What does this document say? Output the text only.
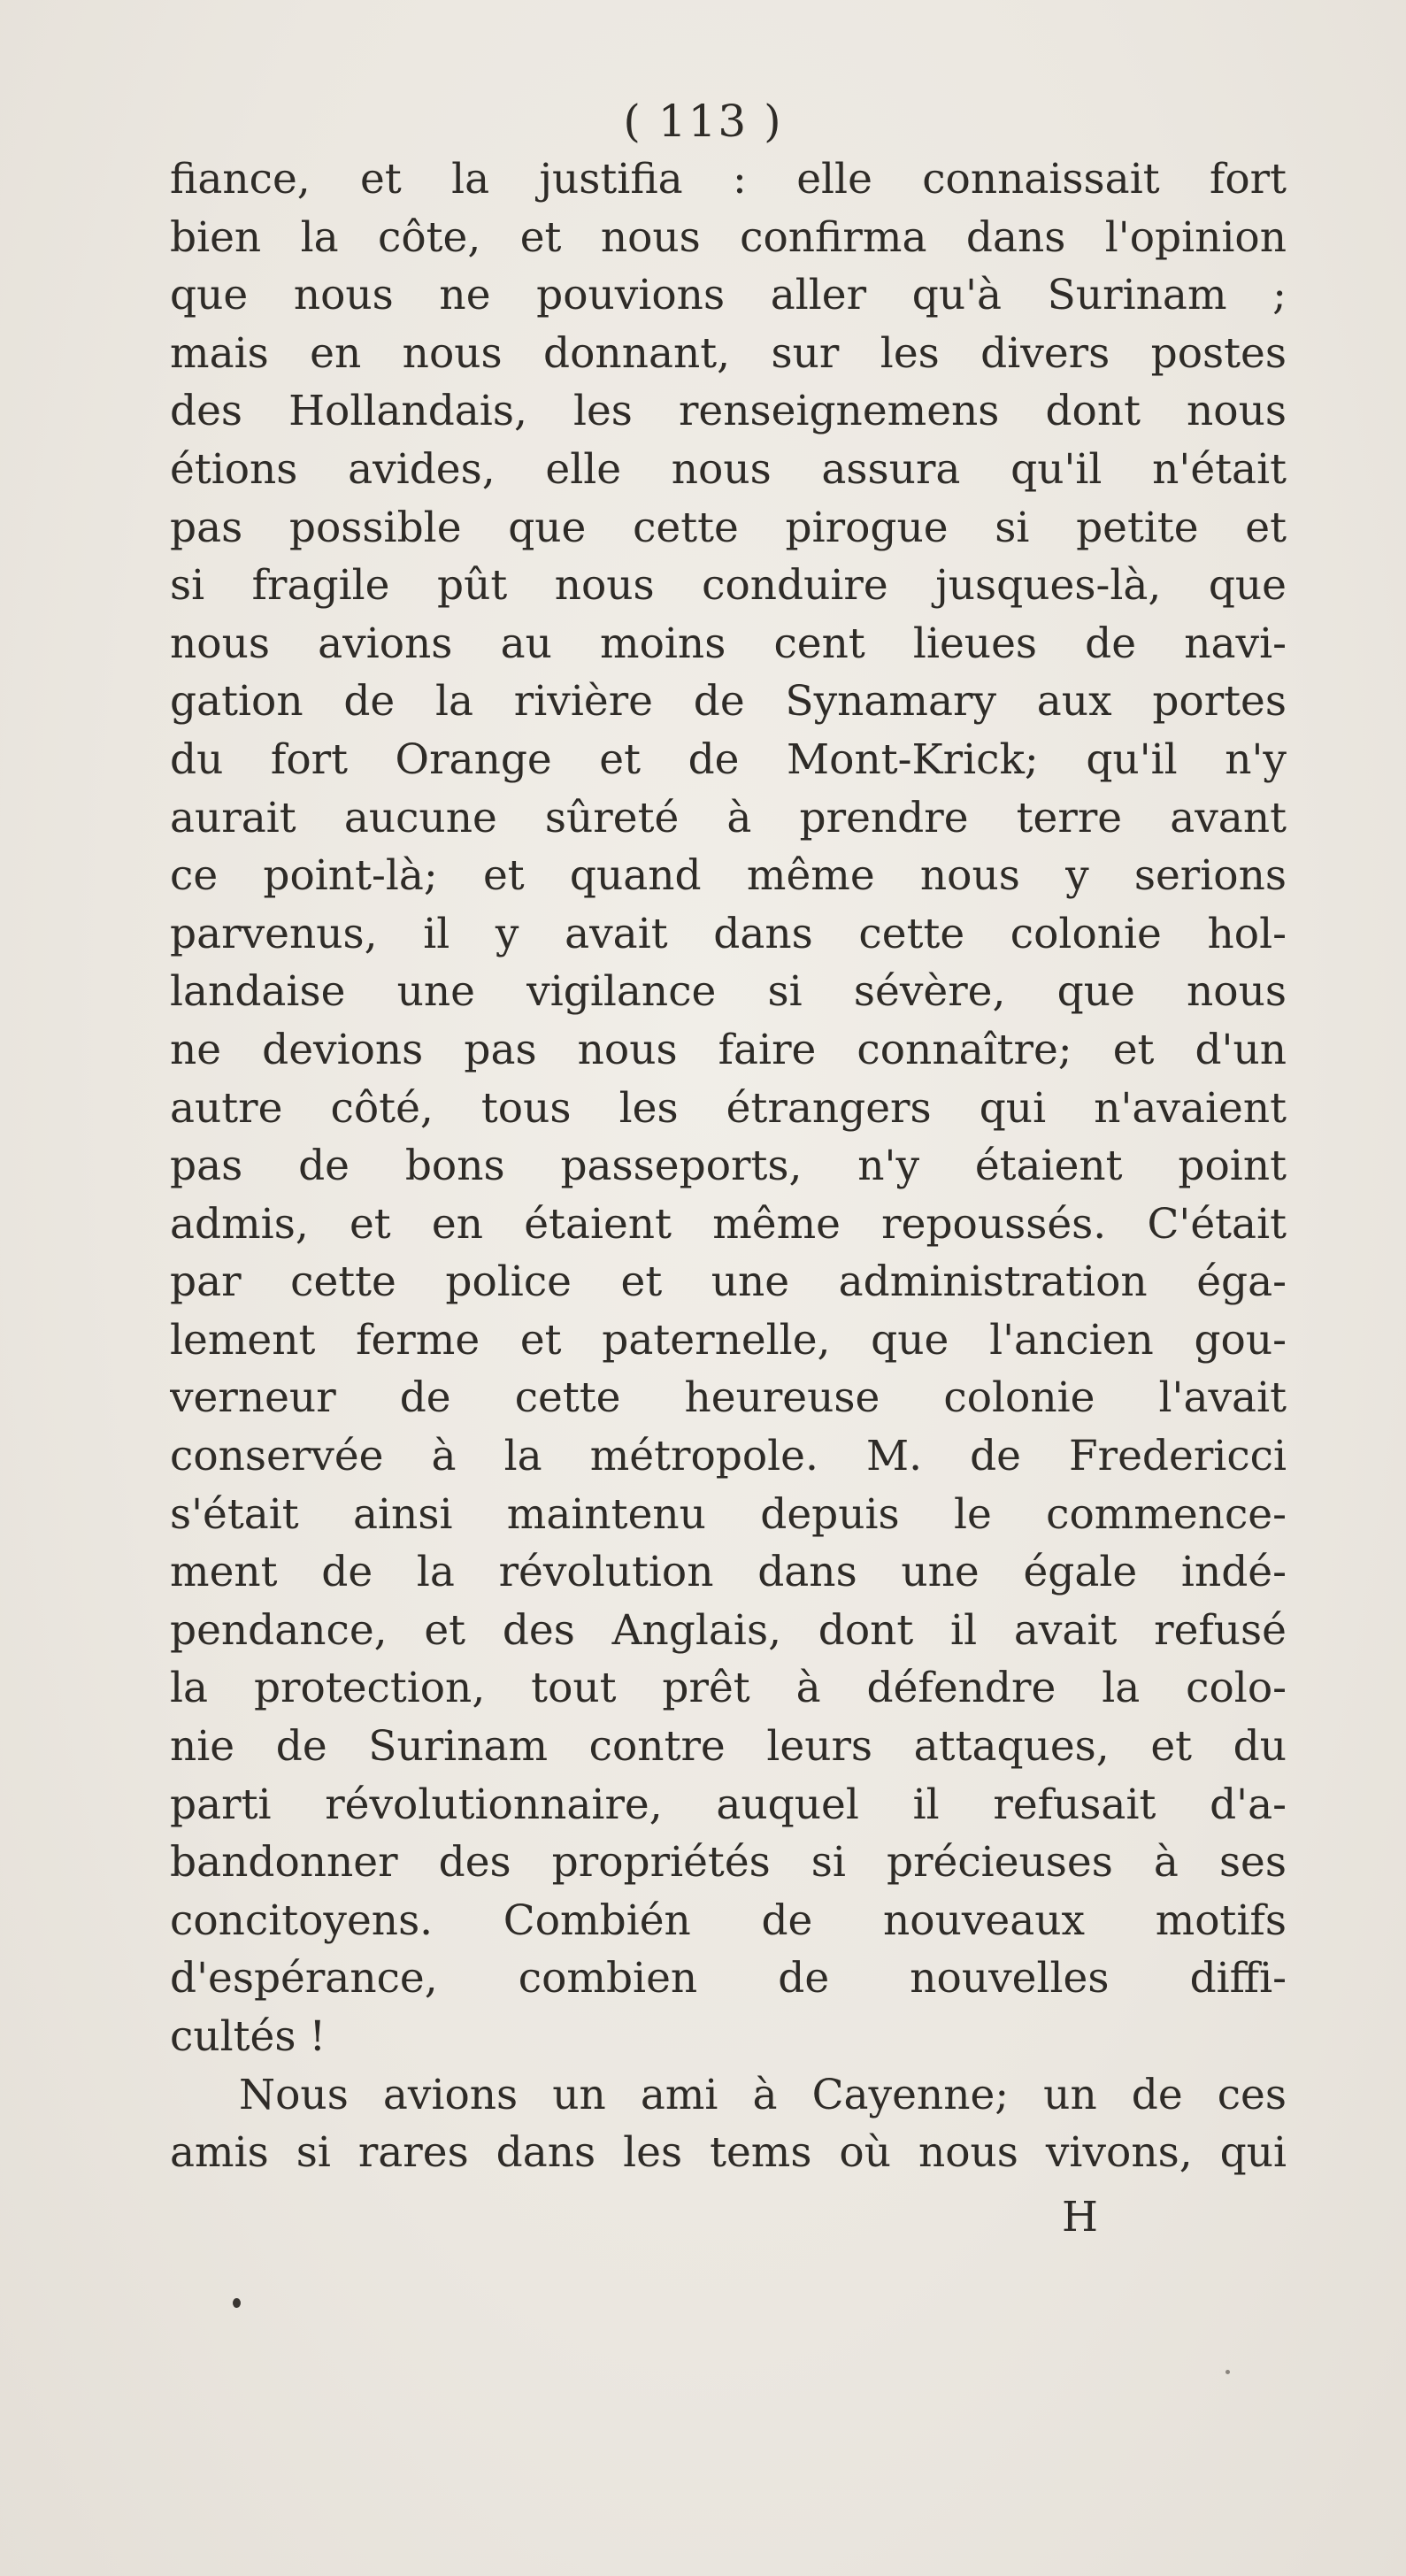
( 113 )
fiance, et la justifia : elle connaissait fort
bien la côte, et nous confirma dans l'opinion
que nous ne pouvions aller qu'à Surinam ;
mais en nous donnant, sur les divers postes
des Hollandais, les renseignemens dont nous
étions avides, elle nous assura qu'il n'était
pas possible que cette pirogue si petite et
si fragile pût nous conduire jusques-là, que
nous avions au moins cent lieues de navi-
gation de la rivière de Synamary aux portes
du fort Orange et de Mont-Krick; qu'il n'y
aurait aucune sûreté à prendre terre avant
ce point-là; et quand même nous y serions
parvenus, il y avait dans cette colonie hol-
landaise une vigilance si sévère, que nous
ne devions pas nous faire connaître; et d'un
autre côté, tous les étrangers qui n'avaient
pas de bons passeports, n'y étaient point
admis, et en étaient même repoussés. C'était
par cette police et une administration éga-
lement ferme et paternelle, que l'ancien gou-
verneur de cette heureuse colonie l'avait
conservée à la métropole. M. de Fredericci
s'était ainsi maintenu depuis le commence-
ment de la révolution dans une égale indé-
pendance, et des Anglais, dont il avait refusé
la protection, tout prêt à défendre la colo-
nie de Surinam contre leurs attaques, et du
parti révolutionnaire, auquel il refusait d'a-
bandonner des propriétés si précieuses à ses
concitoyens. Combién de nouveaux motifs
d'espérance, combien de nouvelles diffi-
cultés !
Nous avions un ami à Cayenne; un de ces
amis si rares dans les tems où nous vivons, qui
H
